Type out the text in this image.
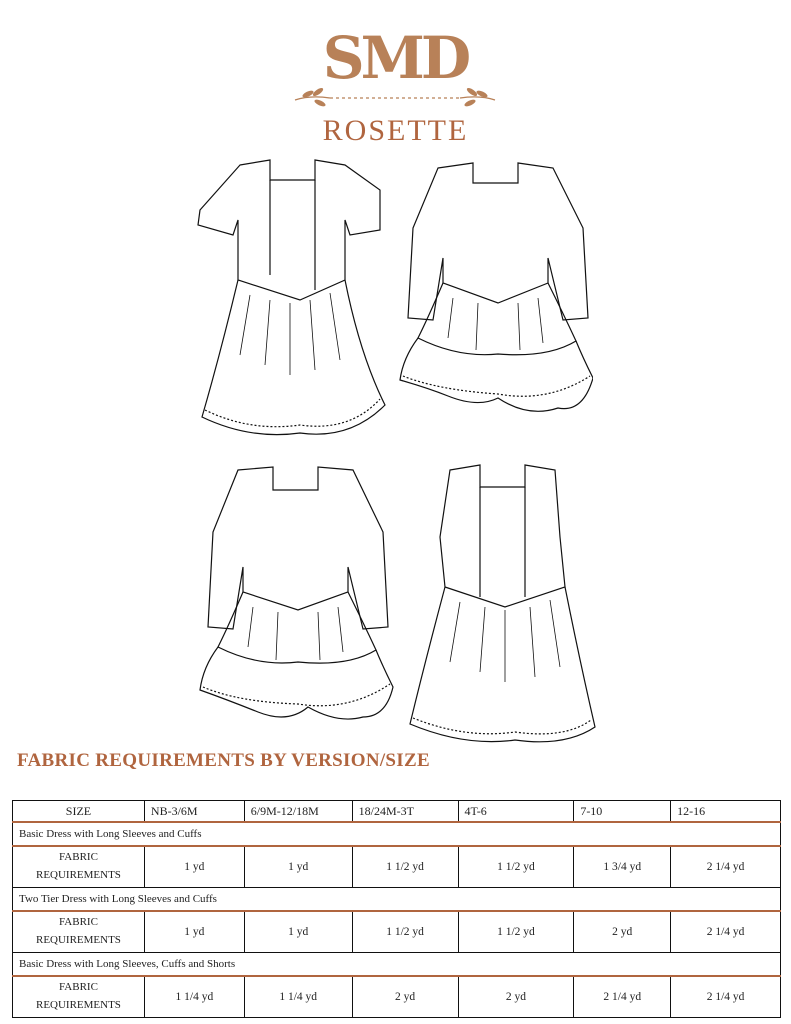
SMD
ROSETTE
FABRIC REQUIREMENTS BY VERSION/SIZE
SIZE	NB-3/6M	6/9M-12/18M	18/24M-3T	4T-6	7-10	12-16
Basic Dress with Long Sleeves and Cuffs						
FABRIC
REQUIREMENTS	1 yd	1 yd	1 1/2 yd	1 1/2 yd	1 3/4 yd	2 1/4 yd
Two Tier Dress with Long Sleeves and Cuffs						
FABRIC
REQUIREMENTS	1 yd	1 yd	1 1/2 yd	1 1/2 yd	2 yd	2 1/4 yd
Basic Dress with Long Sleeves, Cuffs and Shorts						
FABRIC
REQUIREMENTS	1 1/4 yd	1 1/4 yd	2 yd	2 yd	2 1/4 yd	2 1/4 yd
